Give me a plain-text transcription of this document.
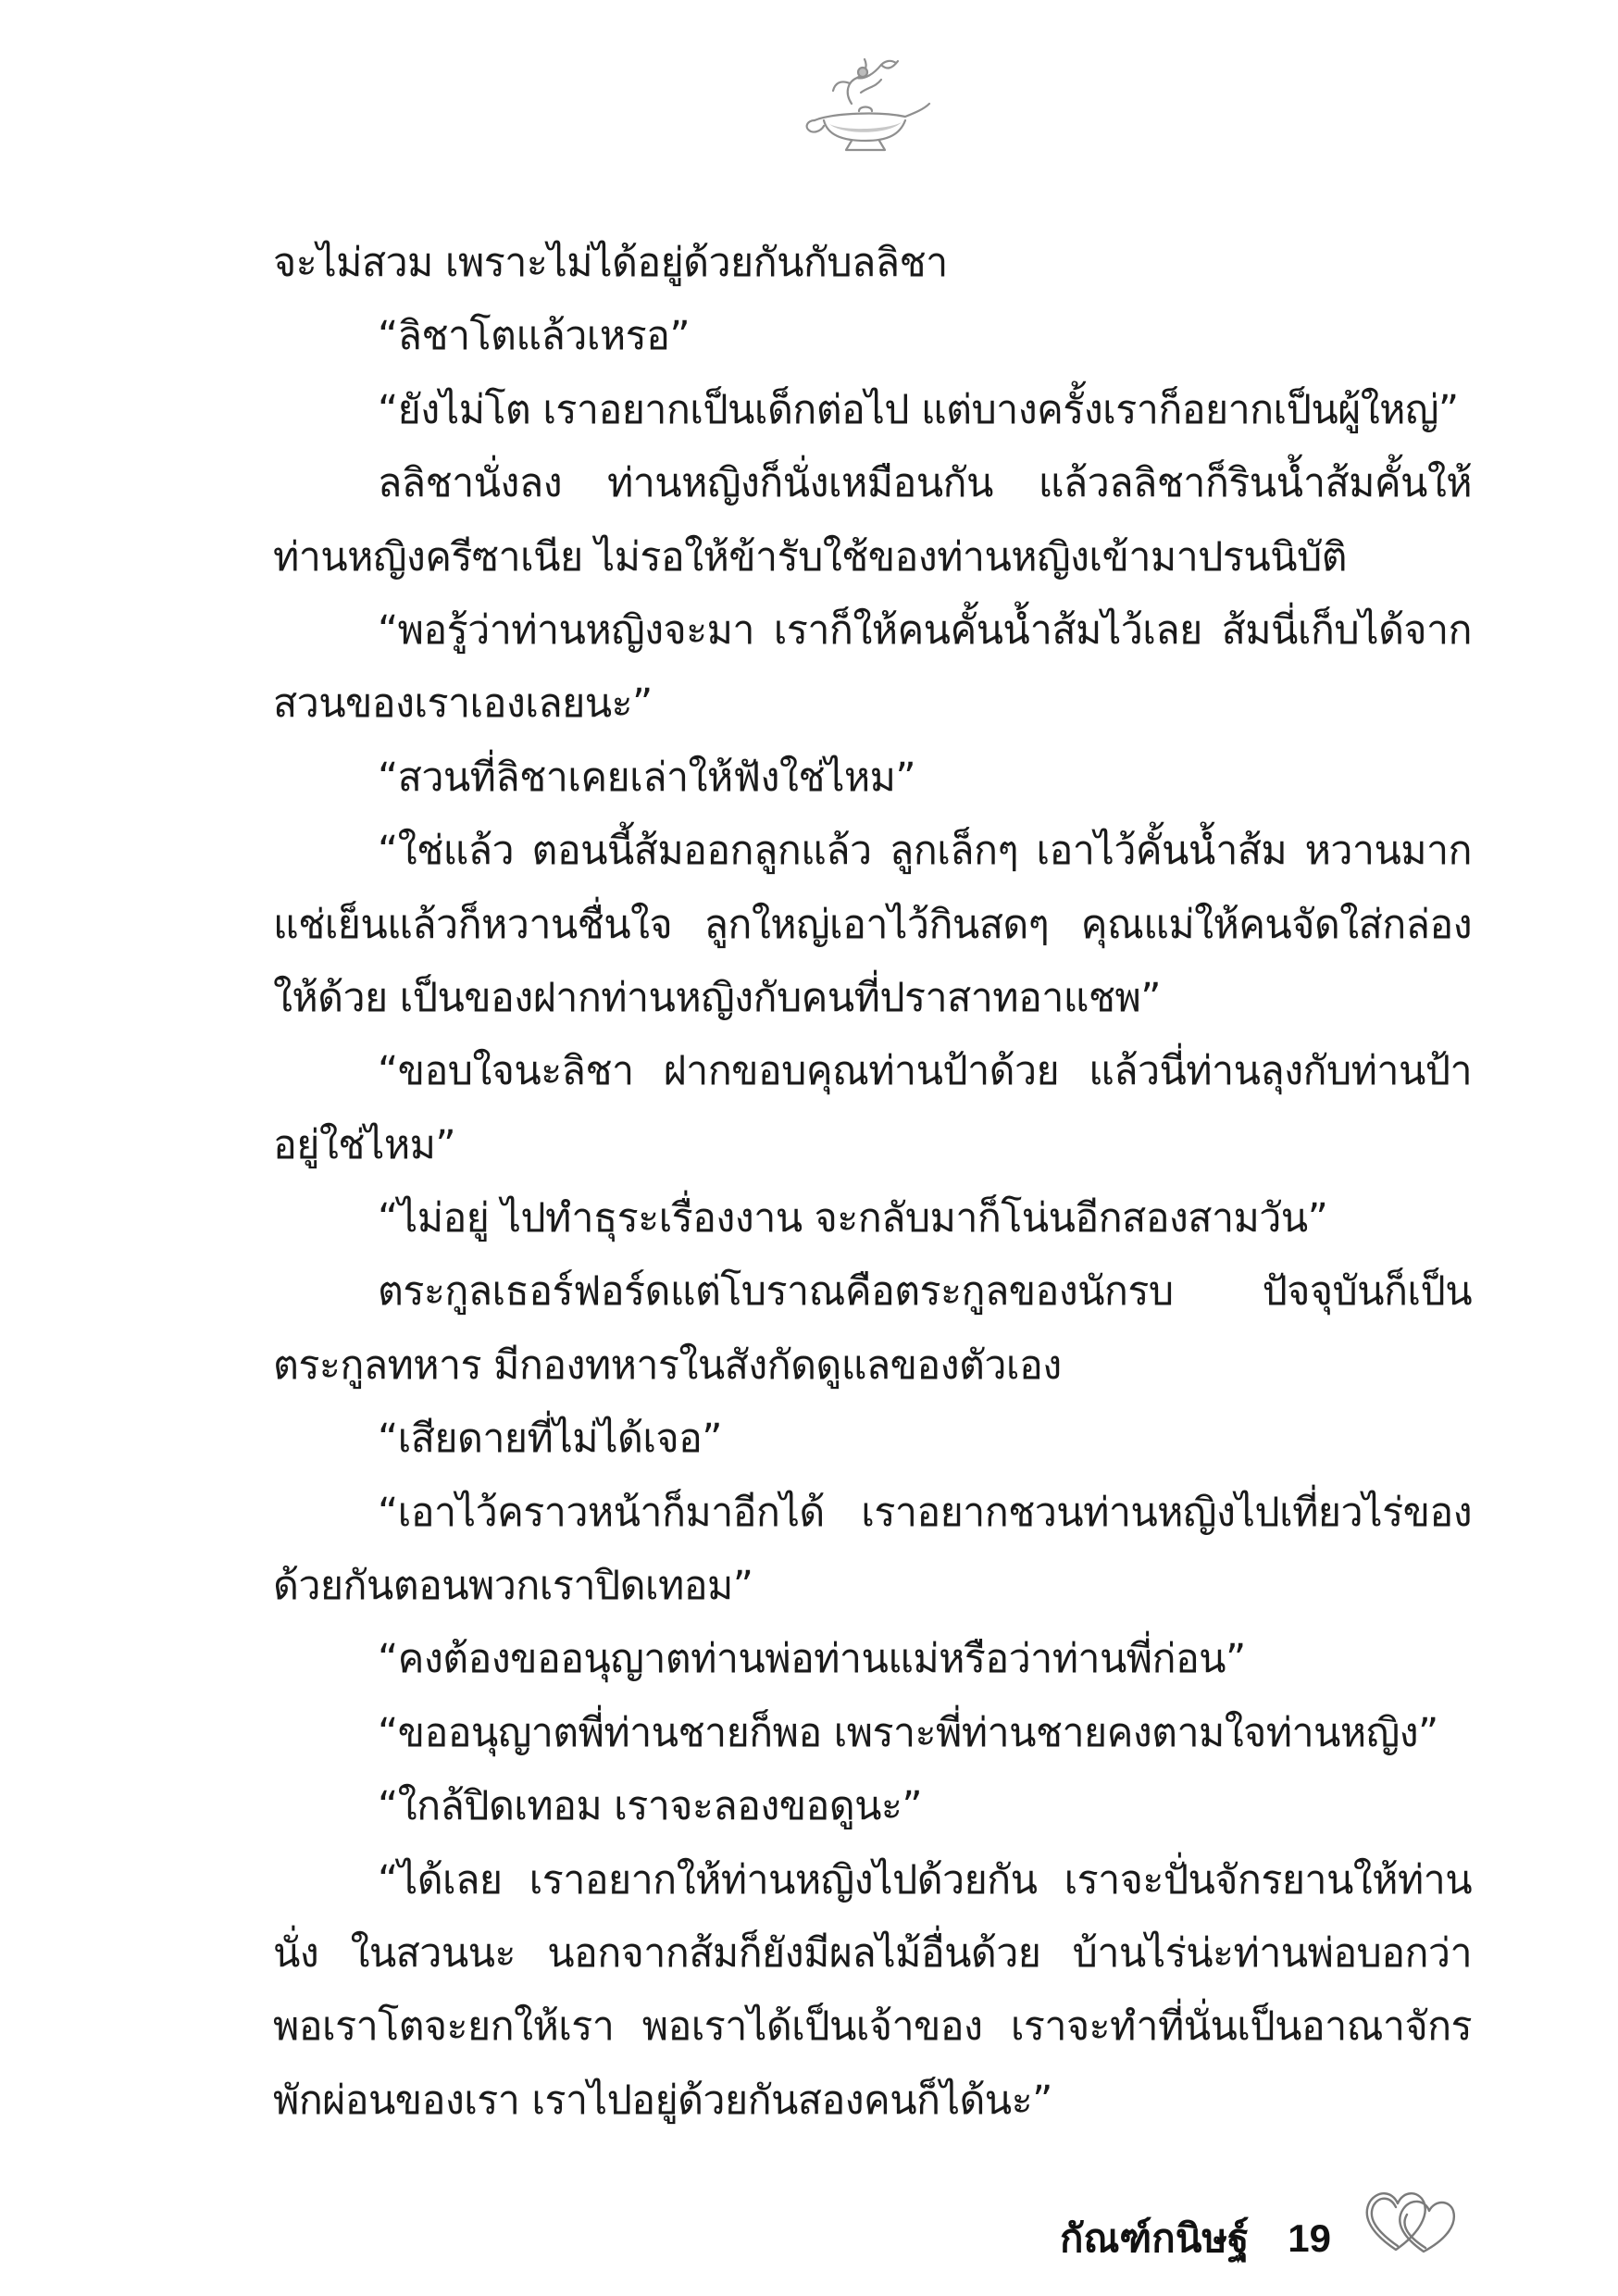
จะไม่สวม เพราะไม่ได้อยู่ด้วยกันกับลลิชา
“ลิชาโตแล้วเหรอ”
“ยังไม่โต เราอยากเป็นเด็กต่อไป แต่บางครั้งเราก็อยากเป็นผู้ใหญ่”
ลลิชานั่งลง ท่านหญิงก็นั่งเหมือนกัน แล้วลลิชาก็รินน้ำส้มคั้นให้
ท่านหญิงครีซาเนีย ไม่รอให้ข้ารับใช้ของท่านหญิงเข้ามาปรนนิบัติ
“พอรู้ว่าท่านหญิงจะมา เราก็ให้คนคั้นน้ำส้มไว้เลย ส้มนี่เก็บได้จาก
สวนของเราเองเลยนะ”
“สวนที่ลิชาเคยเล่าให้ฟังใช่ไหม”
“ใช่แล้ว ตอนนี้ส้มออกลูกแล้ว ลูกเล็กๆ เอาไว้คั้นน้ำส้ม หวานมาก
แช่เย็นแล้วก็หวานชื่นใจ ลูกใหญ่เอาไว้กินสดๆ คุณแม่ให้คนจัดใส่กล่อง
ให้ด้วย เป็นของฝากท่านหญิงกับคนที่ปราสาทอาแชพ”
“ขอบใจนะลิชา ฝากขอบคุณท่านป้าด้วย แล้วนี่ท่านลุงกับท่านป้า
อยู่ใช่ไหม”
“ไม่อยู่ ไปทำธุระเรื่องงาน จะกลับมาก็โน่นอีกสองสามวัน”
ตระกูลเธอร์ฟอร์ดแต่โบราณคือตระกูลของนักรบ ปัจจุบันก็เป็น
ตระกูลทหาร มีกองทหารในสังกัดดูแลของตัวเอง
“เสียดายที่ไม่ได้เจอ”
“เอาไว้คราวหน้าก็มาอีกได้ เราอยากชวนท่านหญิงไปเที่ยวไร่ของ
ด้วยกันตอนพวกเราปิดเทอม”
“คงต้องขออนุญาตท่านพ่อท่านแม่หรือว่าท่านพี่ก่อน”
“ขออนุญาตพี่ท่านชายก็พอ เพราะพี่ท่านชายคงตามใจท่านหญิง”
“ใกล้ปิดเทอม เราจะลองขอดูนะ”
“ได้เลย เราอยากให้ท่านหญิงไปด้วยกัน เราจะปั่นจักรยานให้ท่าน
นั่ง ในสวนนะ นอกจากส้มก็ยังมีผลไม้อื่นด้วย บ้านไร่น่ะท่านพ่อบอกว่า
พอเราโตจะยกให้เรา พอเราได้เป็นเจ้าของ เราจะทำที่นั่นเป็นอาณาจักร
พักผ่อนของเรา เราไปอยู่ด้วยกันสองคนก็ได้นะ”
กัณฑ์กนิษฐ์ 19
